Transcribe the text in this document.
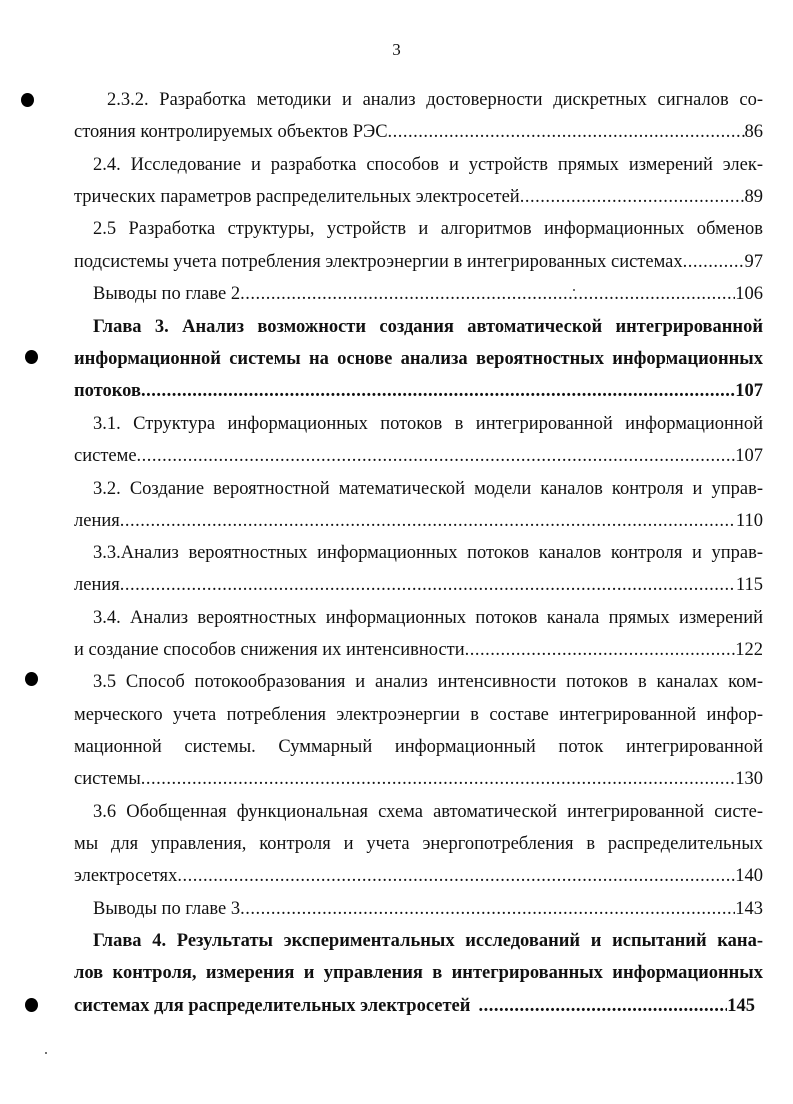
3
2.3.2. Разработка методики и анализ достоверности дискретных сигналов со-
стояния контролируемых объектов РЭС .....	86
2.4. Исследование и разработка способов и устройств прямых измерений элек-
трических параметров распределительных электросетей .....	89
2.5 Разработка структуры, устройств и алгоритмов информационных обменов
подсистемы учета потребления электроэнергии в интегрированных системах .....	97
Выводы по главе 2 .....	106
Глава 3. Анализ возможности создания автоматической интегрированной
информационной системы на основе анализа вероятностных информационных
потоков .....	107
3.1. Структура информационных потоков в интегрированной информационной
системе .....	107
3.2. Создание вероятностной математической модели каналов контроля и управ-
ления .....	110
3.3.Анализ вероятностных информационных потоков каналов контроля и управ-
ления .....	115
3.4. Анализ вероятностных информационных потоков канала прямых измерений
и создание способов снижения их интенсивности .....	122
3.5 Способ потокообразования и анализ интенсивности потоков в каналах ком-
мерческого учета потребления электроэнергии в составе интегрированной инфор-
мационной системы. Суммарный информационный поток интегрированной
системы .....	130
3.6 Обобщенная функциональная схема автоматической интегрированной систе-
мы для управления, контроля и учета энергопотребления в распределительных
электросетях .....	140
Выводы по главе 3 .....	143
Глава 4. Результаты экспериментальных исследований и испытаний кана-
лов контроля, измерения и управления в интегрированных информационных
системах для распределительных электросетей .....	145
